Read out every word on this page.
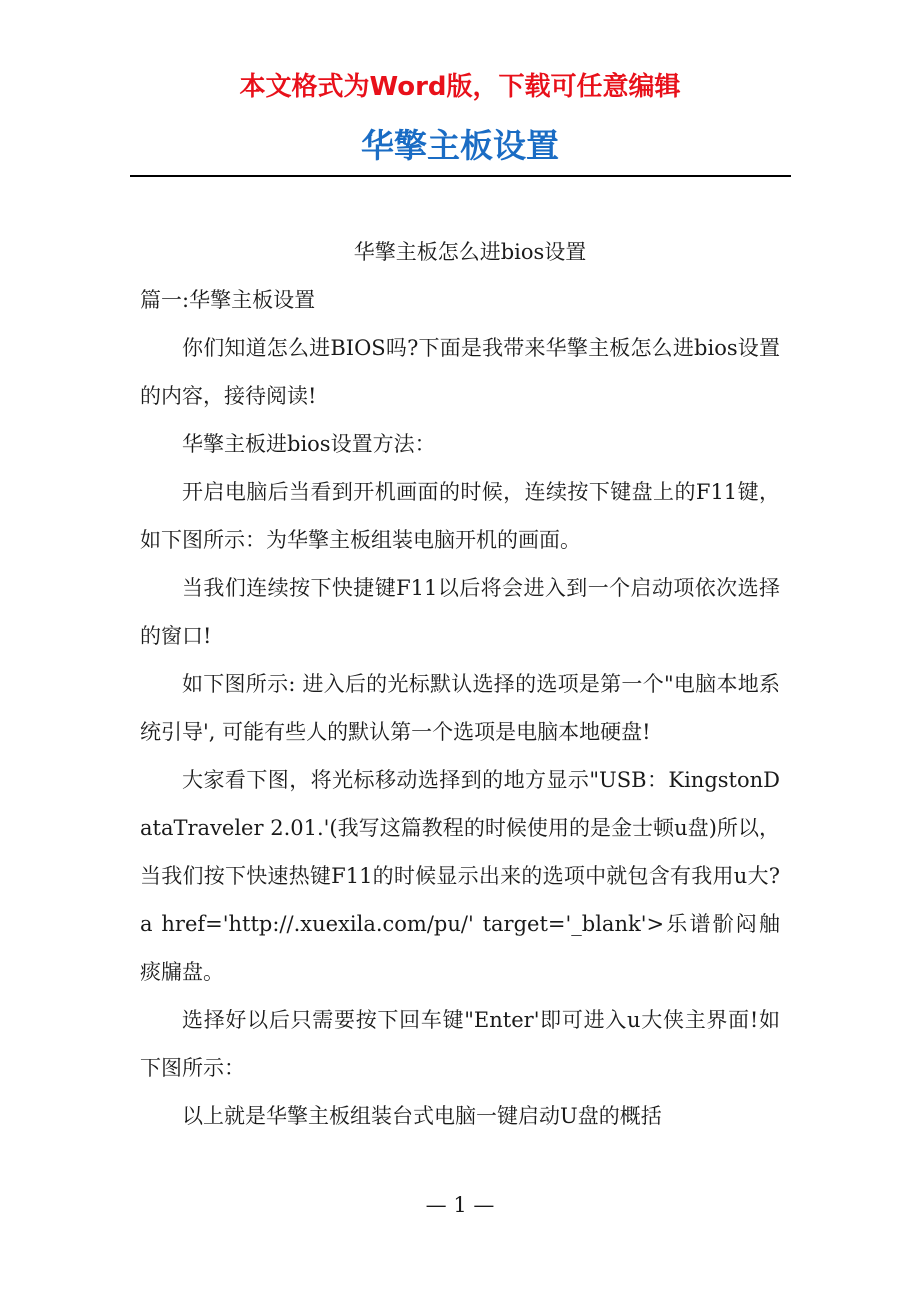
本文格式为Word版，下载可任意编辑
华擎主板设置

华擎主板怎么进bios设置

篇一:华擎主板设置

你们知道怎么进BIOS吗?下面是我带来华擎主板怎么进bios设置的内容，接待阅读!

华擎主板进bios设置方法：

开启电脑后当看到开机画面的时候，连续按下键盘上的F11键，如下图所示：为华擎主板组装电脑开机的画面。

当我们连续按下快捷键F11以后将会进入到一个启动项依次选择的窗口!

如下图所示: 进入后的光标默认选择的选项是第一个"电脑本地系统引导', 可能有些人的默认第一个选项是电脑本地硬盘!

大家看下图，将光标移动选择到的地方显示"USB：KingstonDataTraveler 2.01.'(我写这篇教程的时候使用的是金士顿u盘)所以，当我们按下快速热键F11的时候显示出来的选项中就包含有我用u大?a href='http://.xuexila.com/pu/' target='_blank'>乐谱骱闷舳　痰牖盘。

选择好以后只需要按下回车键"Enter'即可进入u大侠主界面!如下图所示：

以上就是华擎主板组装台式电脑一键启动U盘的概括

— 1 —
